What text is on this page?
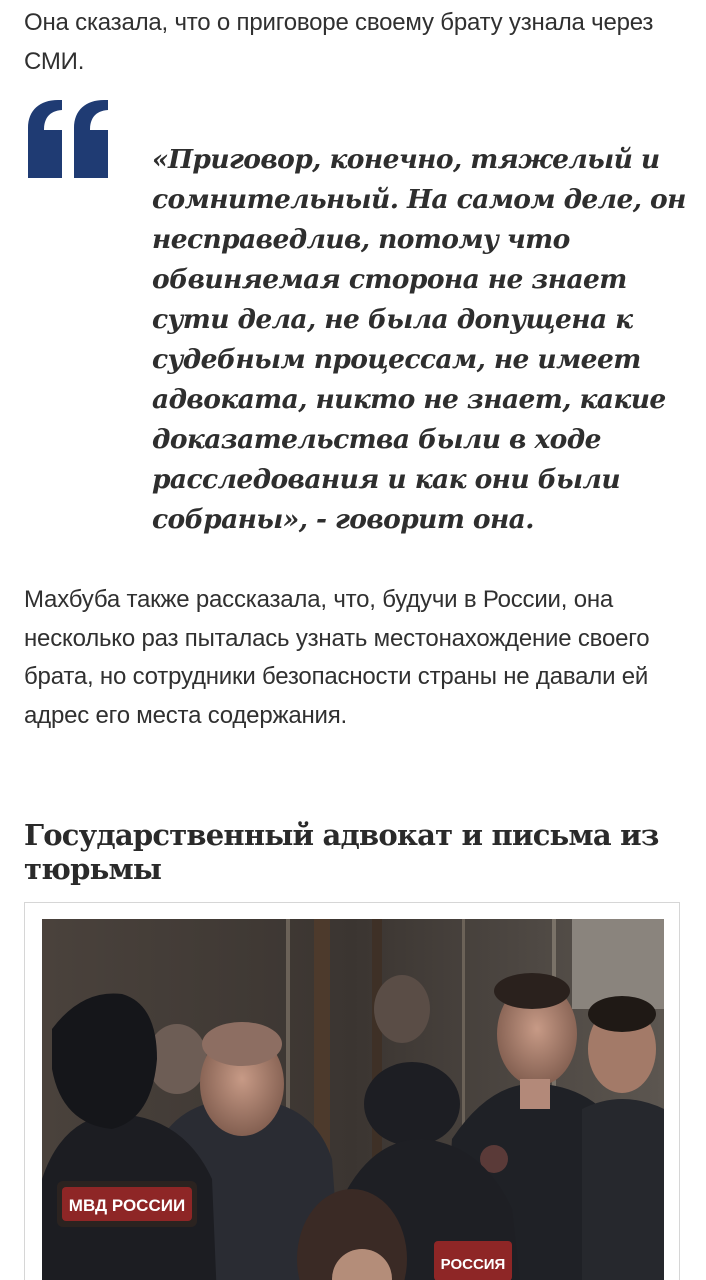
Она сказала, что о приговоре своему брату узнала через СМИ.

«Приговор, конечно, тяжелый и сомнительный. На самом деле, он несправедлив, потому что обвиняемая сторона не знает сути дела, не была допущена к судебным процессам, не имеет адвоката, никто не знает, какие доказательства были в ходе расследования и как они были собраны», - говорит она.

Махбуба также рассказала, что, будучи в России, она несколько раз пыталась узнать местонахождение своего брата, но сотрудники безопасности страны не давали ей адрес его места содержания.

Государственный адвокат и письма из тюрьмы
МВД РОССИИ
РОССИЯ
